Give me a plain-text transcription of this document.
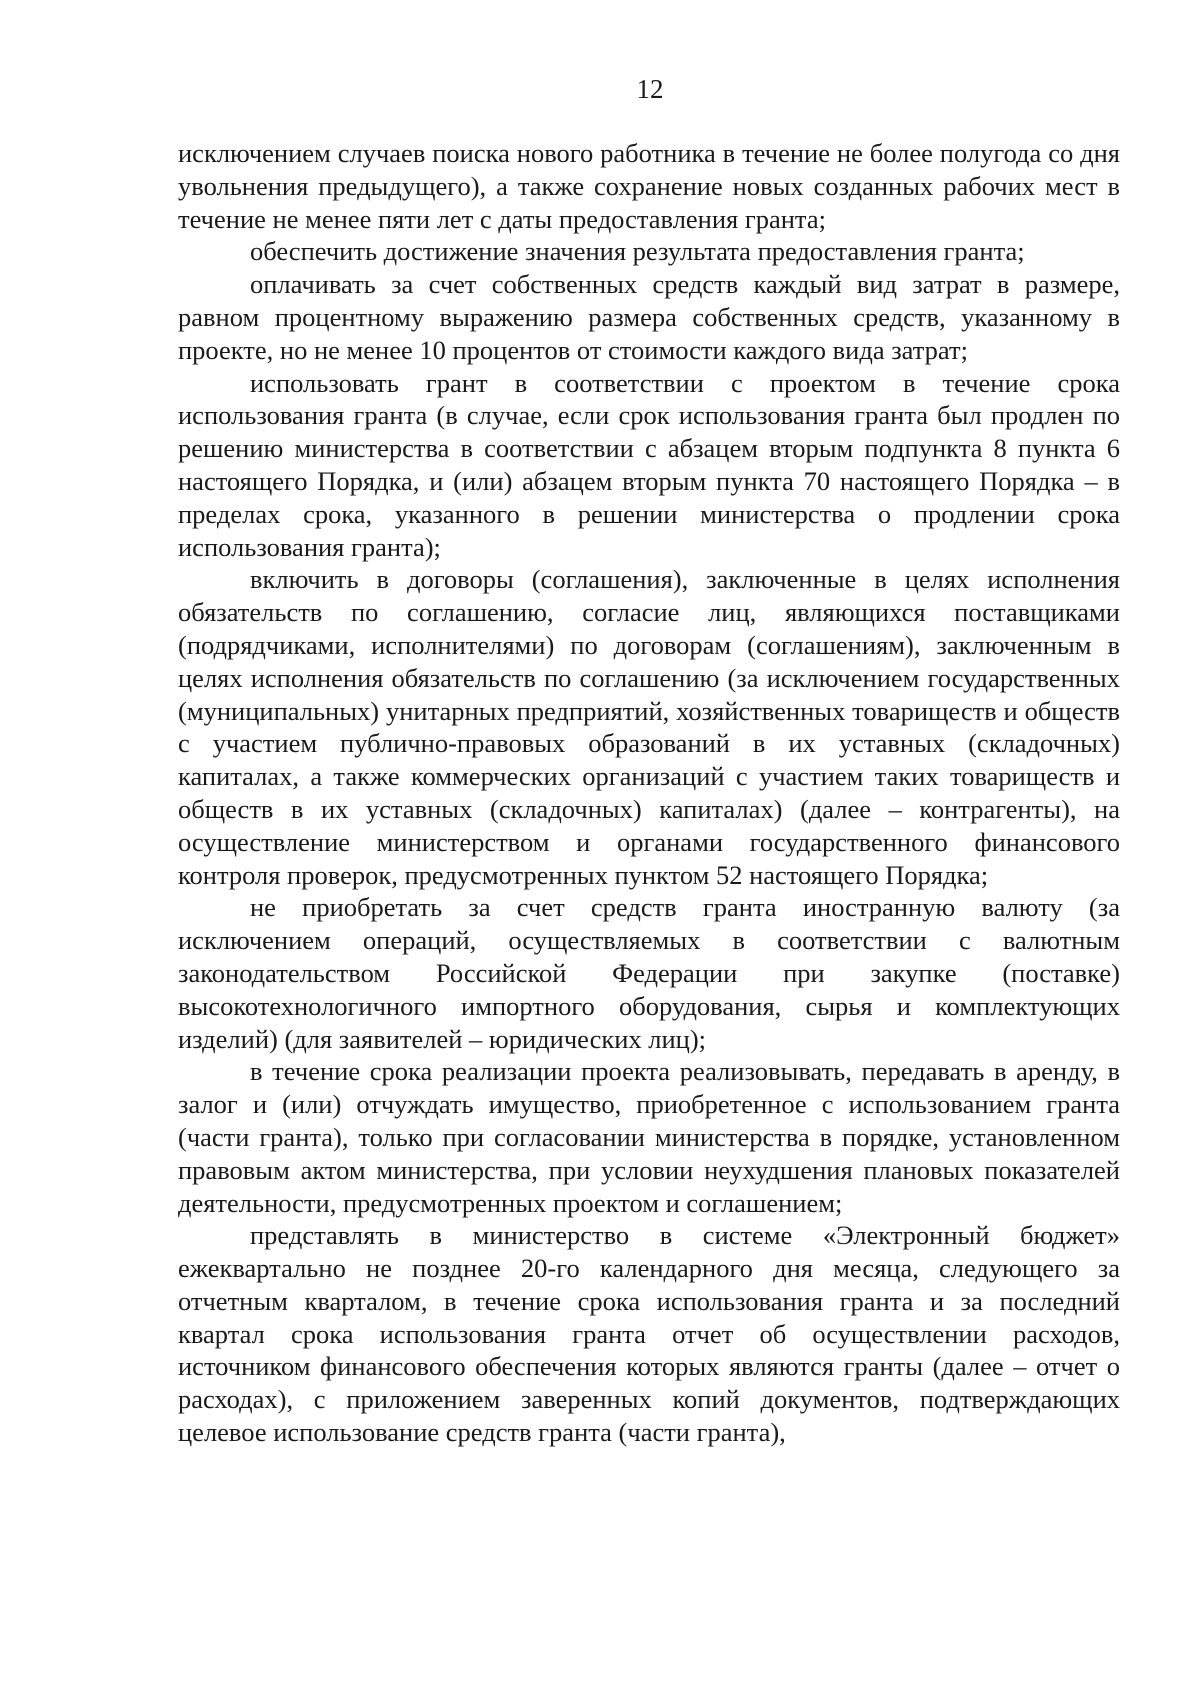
12

исключением случаев поиска нового работника в течение не более полугода со дня увольнения предыдущего), а также сохранение новых созданных рабочих мест в течение не менее пяти лет с даты предоставления гранта;

обеспечить достижение значения результата предоставления гранта;

оплачивать за счет собственных средств каждый вид затрат в размере, равном процентному выражению размера собственных средств, указанному в проекте, но не менее 10 процентов от стоимости каждого вида затрат;

использовать грант в соответствии с проектом в течение срока использования гранта (в случае, если срок использования гранта был продлен по решению министерства в соответствии с абзацем вторым подпункта 8 пункта 6 настоящего Порядка, и (или) абзацем вторым пункта 70 настоящего Порядка – в пределах срока, указанного в решении министерства о продлении срока использования гранта);

включить в договоры (соглашения), заключенные в целях исполнения обязательств по соглашению, согласие лиц, являющихся поставщиками (подрядчиками, исполнителями) по договорам (соглашениям), заключенным в целях исполнения обязательств по соглашению (за исключением государственных (муниципальных) унитарных предприятий, хозяйственных товариществ и обществ с участием публично-правовых образований в их уставных (складочных) капиталах, а также коммерческих организаций с участием таких товариществ и обществ в их уставных (складочных) капиталах) (далее – контрагенты), на осуществление министерством и органами государственного финансового контроля проверок, предусмотренных пунктом 52 настоящего Порядка;

не приобретать за счет средств гранта иностранную валюту (за исключением операций, осуществляемых в соответствии с валютным законодательством Российской Федерации при закупке (поставке) высокотехнологичного импортного оборудования, сырья и комплектующих изделий) (для заявителей – юридических лиц);

в течение срока реализации проекта реализовывать, передавать в аренду, в залог и (или) отчуждать имущество, приобретенное с использованием гранта (части гранта), только при согласовании министерства в порядке, установленном правовым актом министерства, при условии неухудшения плановых показателей деятельности, предусмотренных проектом и соглашением;

представлять в министерство в системе «Электронный бюджет» ежеквартально не позднее 20-го календарного дня месяца, следующего за отчетным кварталом, в течение срока использования гранта и за последний квартал срока использования гранта отчет об осуществлении расходов, источником финансового обеспечения которых являются гранты (далее – отчет о расходах), с приложением заверенных копий документов, подтверждающих целевое использование средств гранта (части гранта),
